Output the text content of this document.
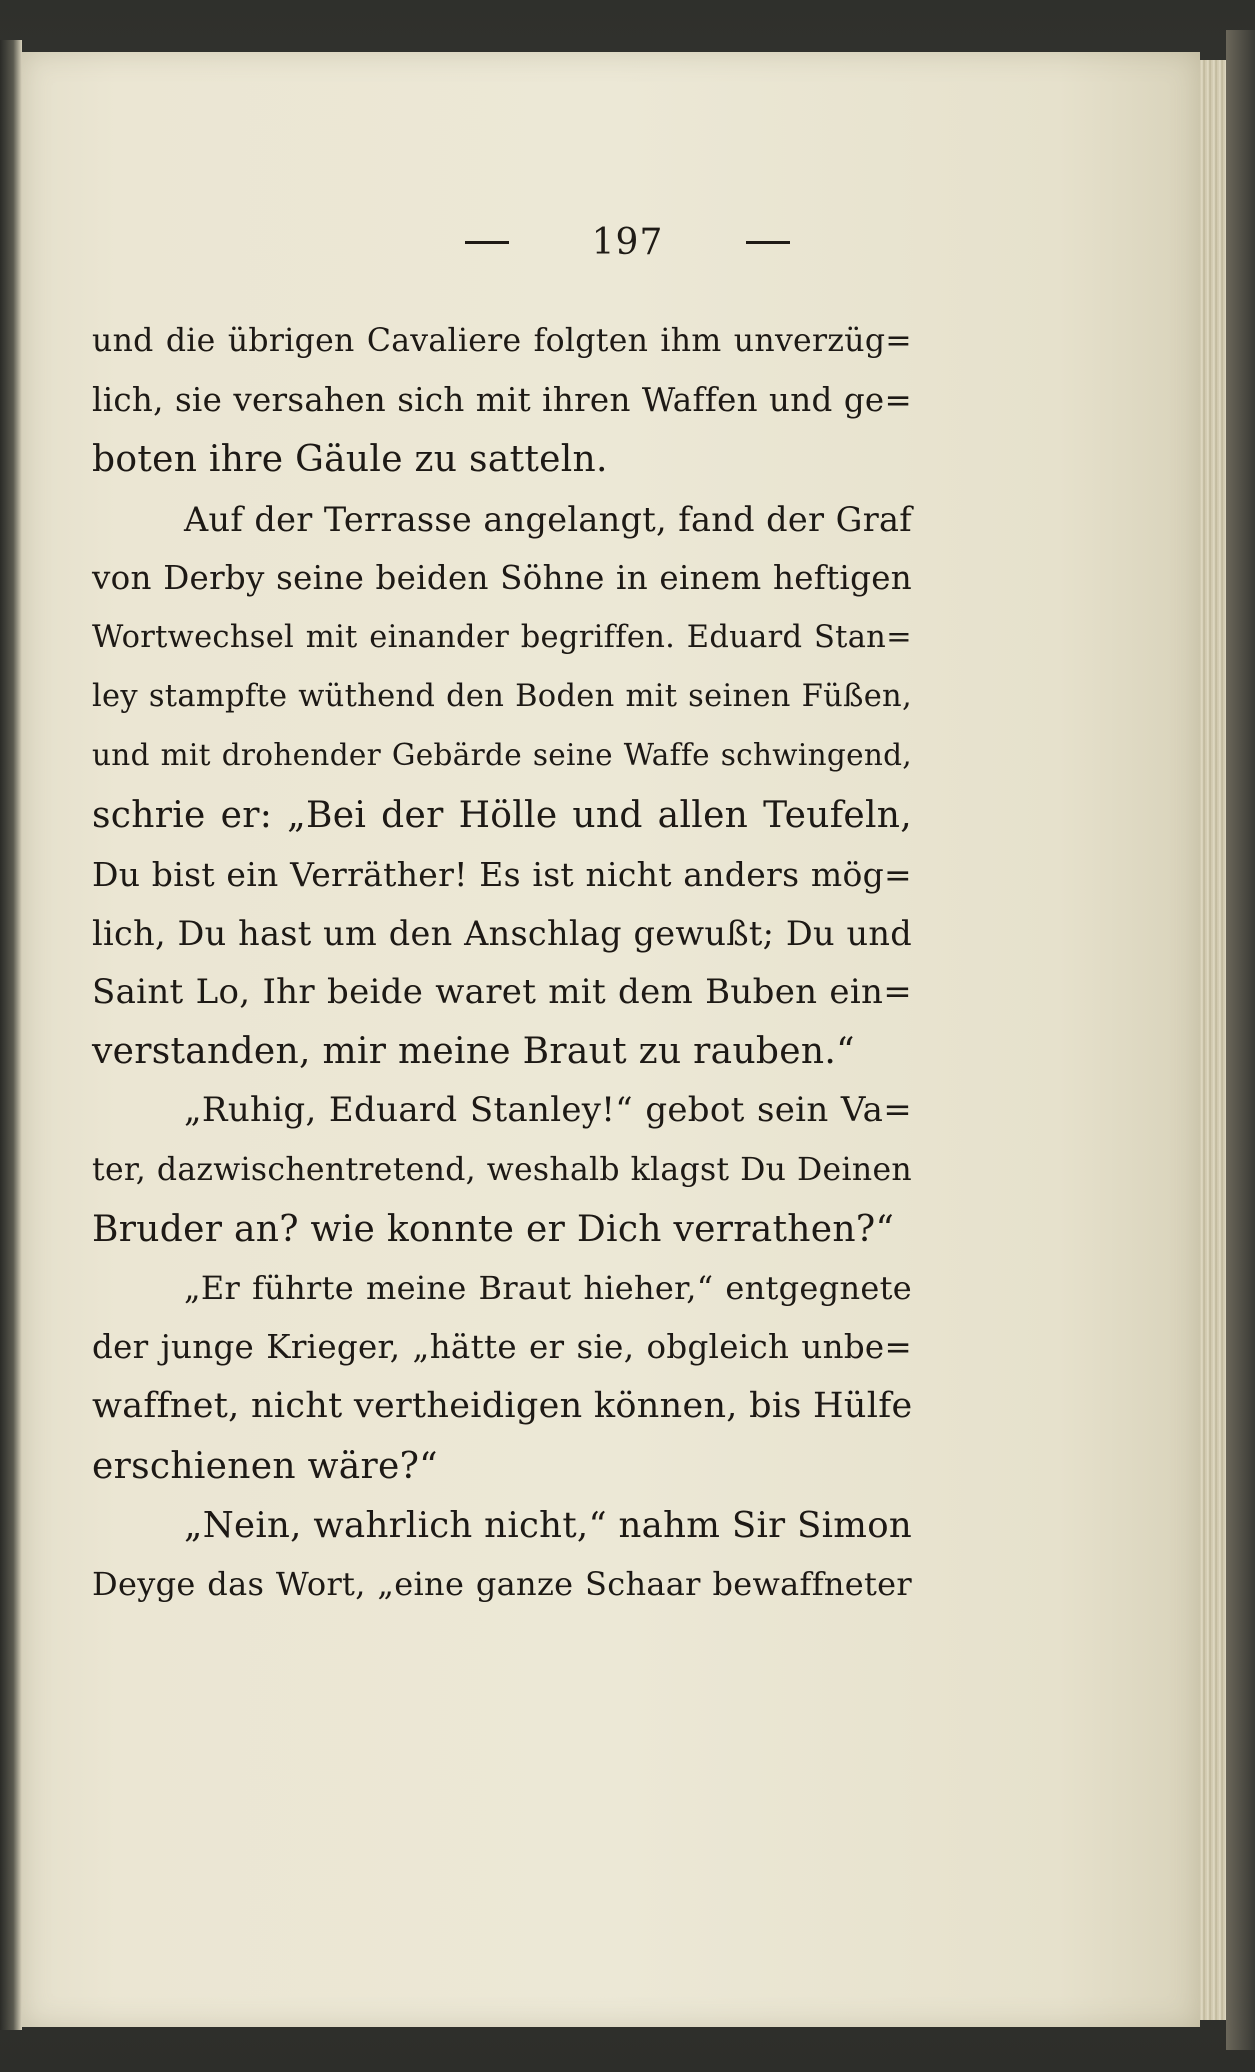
197
und die übrigen Cavaliere folgten ihm unverzüg=
lich, sie versahen sich mit ihren Waffen und ge=
boten ihre Gäule zu satteln.
Auf der Terrasse angelangt, fand der Graf
von Derby seine beiden Söhne in einem heftigen
Wortwechsel mit einander begriffen. Eduard Stan=
ley stampfte wüthend den Boden mit seinen Füßen,
und mit drohender Gebärde seine Waffe schwingend,
schrie er: „Bei der Hölle und allen Teufeln,
Du bist ein Verräther! Es ist nicht anders mög=
lich, Du hast um den Anschlag gewußt; Du und
Saint Lo, Ihr beide waret mit dem Buben ein=
verstanden, mir meine Braut zu rauben.“
„Ruhig, Eduard Stanley!“ gebot sein Va=
ter, dazwischentretend, weshalb klagst Du Deinen
Bruder an? wie konnte er Dich verrathen?“
„Er führte meine Braut hieher,“ entgegnete
der junge Krieger, „hätte er sie, obgleich unbe=
waffnet, nicht vertheidigen können, bis Hülfe
erschienen wäre?“
„Nein, wahrlich nicht,“ nahm Sir Simon
Deyge das Wort, „eine ganze Schaar bewaffneter
